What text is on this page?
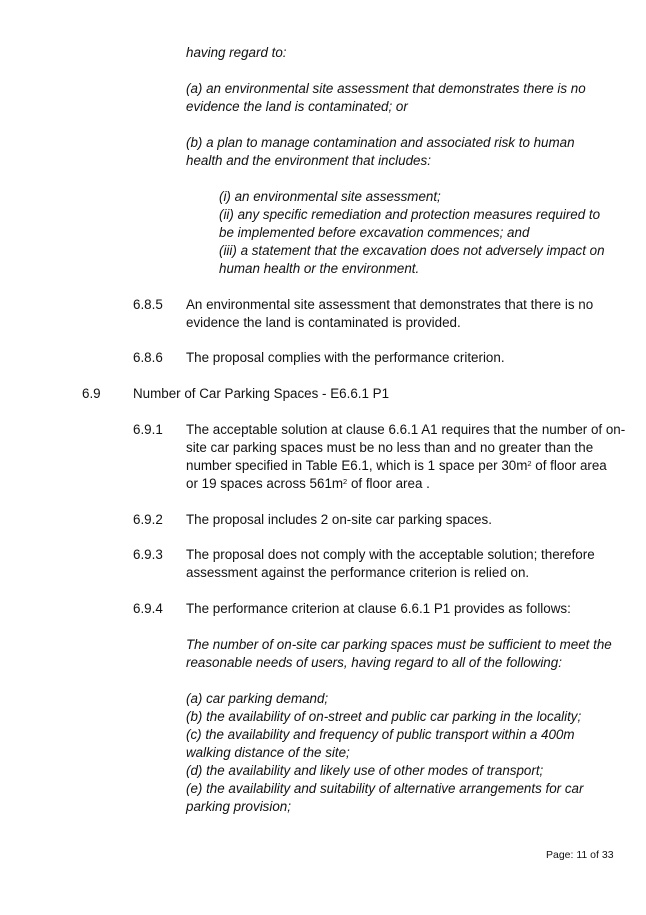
having regard to:
(a) an environmental site assessment that demonstrates there is no
evidence the land is contaminated; or
(b) a plan to manage contamination and associated risk to human
health and the environment that includes:
(i) an environmental site assessment;
(ii) any specific remediation and protection measures required to
be implemented before excavation commences; and
(iii) a statement that the excavation does not adversely impact on
human health or the environment.
6.8.5 An environmental site assessment that demonstrates that there is no
evidence the land is contaminated is provided.
6.8.6 The proposal complies with the performance criterion.
6.9 Number of Car Parking Spaces - E6.6.1 P1
6.9.1 The acceptable solution at clause 6.6.1 A1 requires that the number of on-
site car parking spaces must be no less than and no greater than the
number specified in Table E6.1, which is 1 space per $30m^2$ of floor area
or 19 spaces across $561m^2$ of floor area .
6.9.2 The proposal includes 2 on-site car parking spaces.
6.9.3 The proposal does not comply with the acceptable solution; therefore
assessment against the performance criterion is relied on.
6.9.4 The performance criterion at clause 6.6.1 P1 provides as follows:
The number of on-site car parking spaces must be sufficient to meet the
reasonable needs of users, having regard to all of the following:
(a) car parking demand;
(b) the availability of on-street and public car parking in the locality;
(c) the availability and frequency of public transport within a 400m
walking distance of the site;
(d) the availability and likely use of other modes of transport;
(e) the availability and suitability of alternative arrangements for car
parking provision;
Page: 11 of 33
